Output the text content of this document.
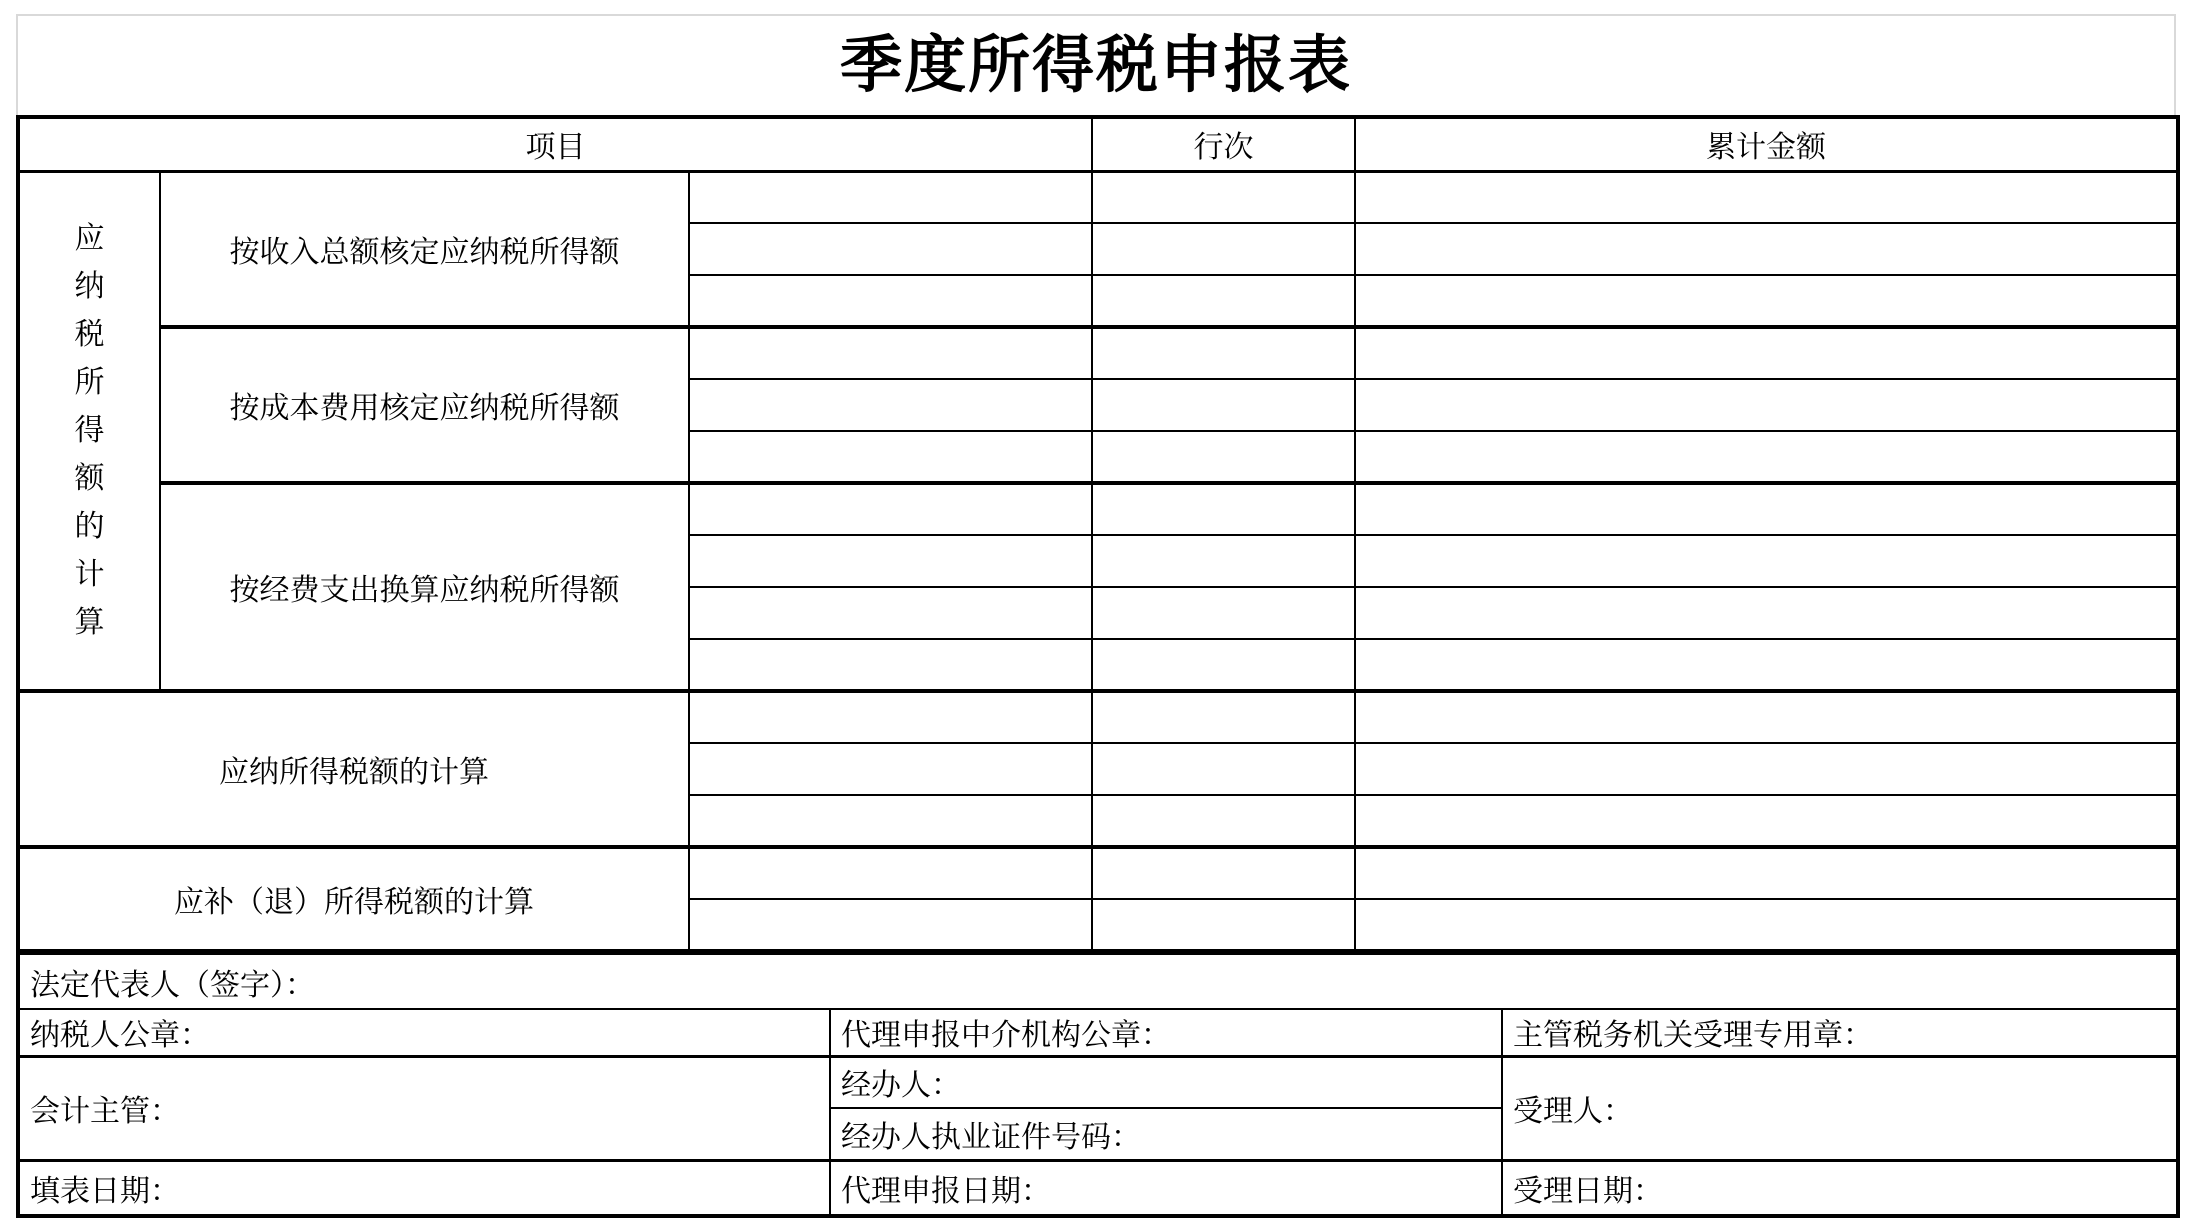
季度所得税申报表
项目			行次	累计金额

应纳税所得额的计算	按收入总额核定应纳税所得额			

	按成本费用核定应纳税所得额			

	按经费支出换算应纳税所得额			

应纳所得税额的计算				

应补（退）所得税额的计算				

法定代表人（签字）：		
纳税人公章：	代理申报中介机构公章：	主管税务机关受理专用章：
会计主管：	经办人：	受理人：
	经办人执业证件号码：	
填表日期：	代理申报日期：	受理日期：
